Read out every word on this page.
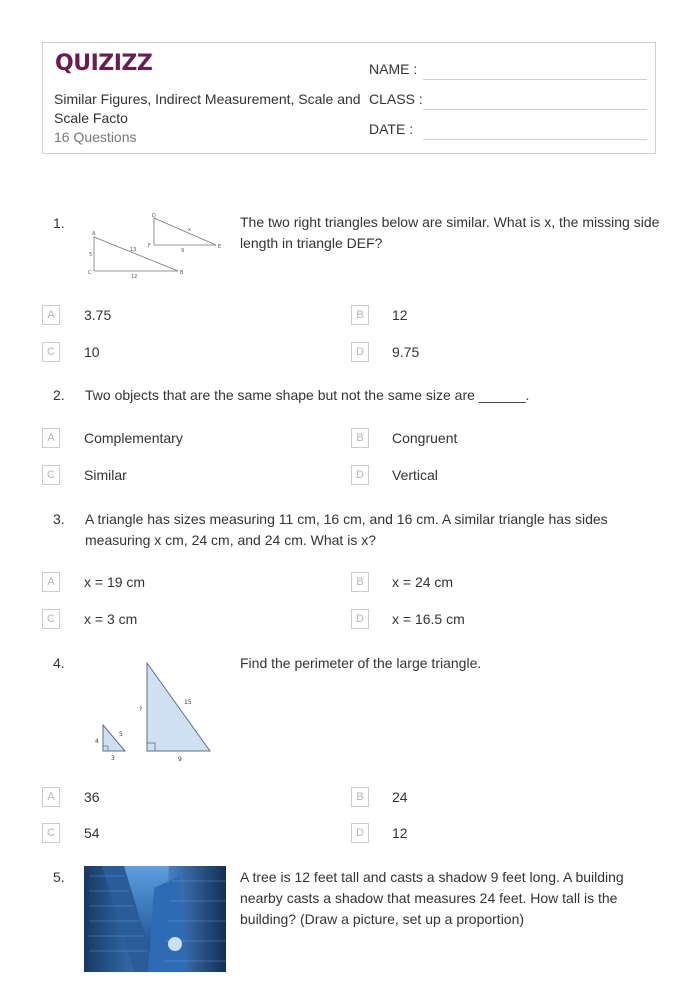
QUIZIZZ
Similar Figures, Indirect Measurement, Scale and Scale Facto
16 Questions
NAME :
CLASS :
DATE :
1.	D
E
F
x
9
A
B
C
13
5
12
The two right triangles below are similar. What is x, the missing side length in triangle DEF?
A	3.75	B	12
C	10	D	9.75
2. Two objects that are the same shape but not the same size are ______.
A	Complementary	B	Congruent
C	Similar	D	Vertical
3. A triangle has sizes measuring 11 cm, 16 cm, and 16 cm. A similar triangle has sides measuring x cm, 24 cm, and 24 cm. What is x?
A	x = 19 cm	B	x = 24 cm
C	x = 3 cm	D	x = 16.5 cm
4.
15
?
9
4
5
3
Find the perimeter of the large triangle.
A	36	B	24
C	54	D	12
5.	A tree is 12 feet tall and casts a shadow 9 feet long. A building nearby casts a shadow that measures 24 feet. How tall is the building? (Draw a picture, set up a proportion)
